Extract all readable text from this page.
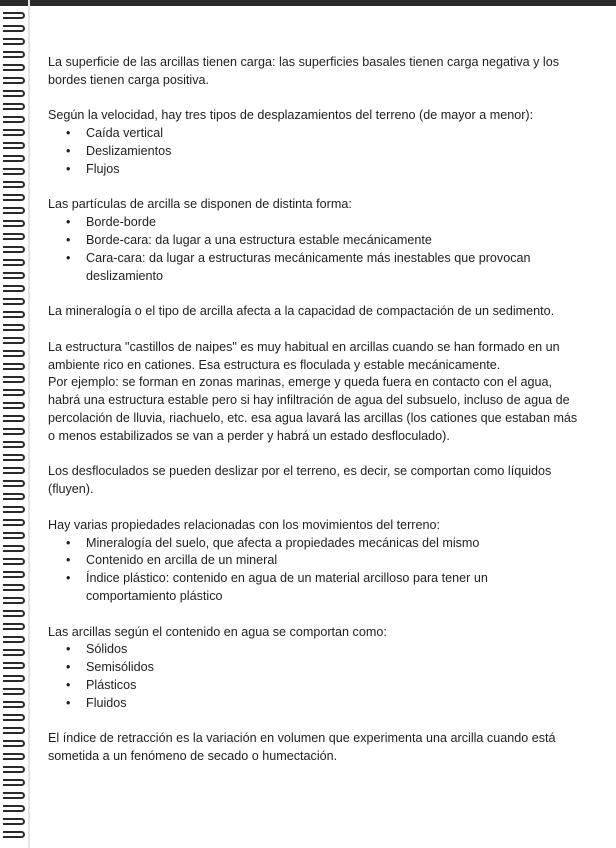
La superficie de las arcillas tienen carga: las superficies basales tienen carga negativa y los bordes tienen carga positiva.

Según la velocidad, hay tres tipos de desplazamientos del terreno (de mayor a menor):

• Caída vertical
• Deslizamientos
• Flujos

Las partículas de arcilla se disponen de distinta forma:

• Borde-borde
• Borde-cara: da lugar a una estructura estable mecánicamente
• Cara-cara: da lugar a estructuras mecánicamente más inestables que provocan deslizamiento

La mineralogía o el tipo de arcilla afecta a la capacidad de compactación de un sedimento.

La estructura "castillos de naipes" es muy habitual en arcillas cuando se han formado en un ambiente rico en cationes. Esa estructura es floculada y estable mecánicamente.

Por ejemplo: se forman en zonas marinas, emerge y queda fuera en contacto con el agua, habrá una estructura estable pero si hay infiltración de agua del subsuelo, incluso de agua de percolación de lluvia, riachuelo, etc. esa agua lavará las arcillas (los cationes que estaban más o menos estabilizados se van a perder y habrá un estado desfloculado).

Los desfloculados se pueden deslizar por el terreno, es decir, se comportan como líquidos (fluyen).

Hay varias propiedades relacionadas con los movimientos del terreno:

• Mineralogía del suelo, que afecta a propiedades mecánicas del mismo
• Contenido en arcilla de un mineral
• Índice plástico: contenido en agua de un material arcilloso para tener un comportamiento plástico

Las arcillas según el contenido en agua se comportan como:

• Sólidos
• Semisólidos
• Plásticos
• Fluidos

El índice de retracción es la variación en volumen que experimenta una arcilla cuando está sometida a un fenómeno de secado o humectación.
